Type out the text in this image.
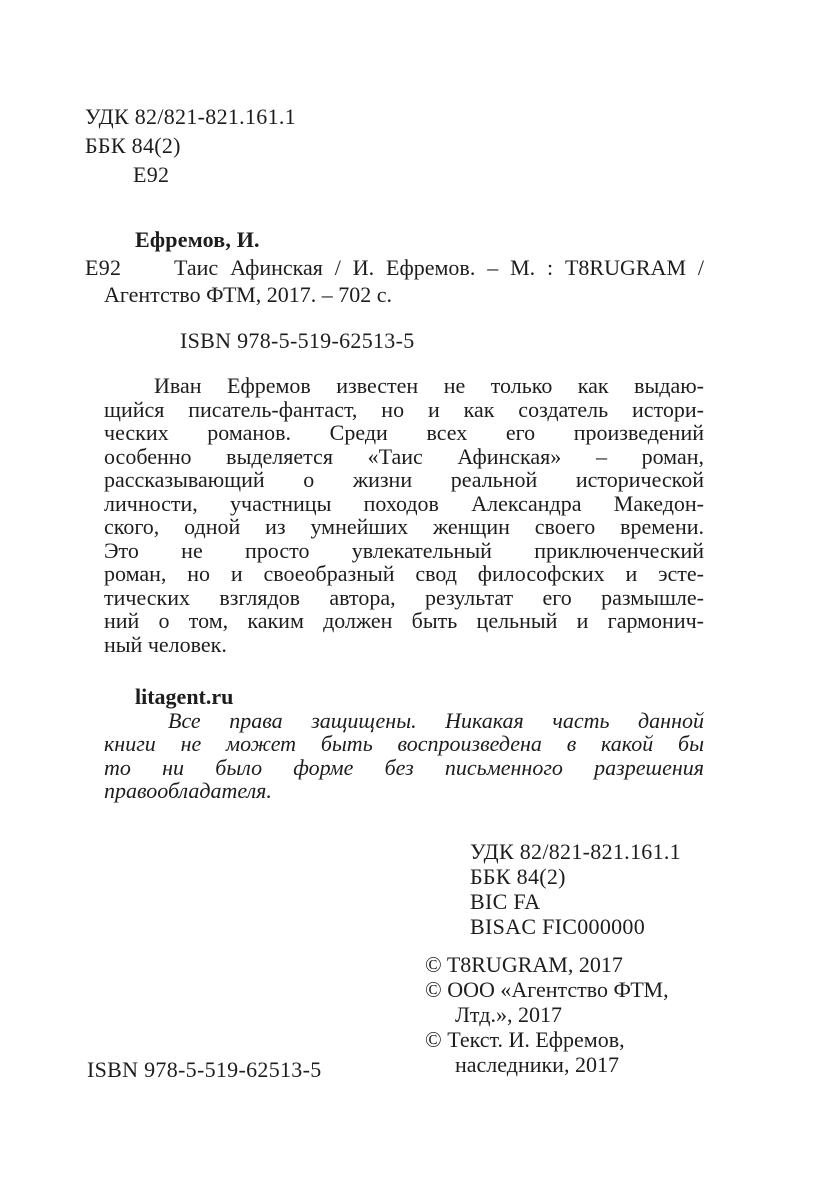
УДК 82/821-821.161.1
ББК 84(2)
Е92
Ефремов, И.
Е92	Таис Афинская / И. Ефремов. – М. : T8RUGRAM /
Агентство ФТМ, 2017. – 702 с.
ISBN 978-5-519-62513-5
Иван Ефремов известен не только как выдаю-
щийся писатель-фантаст, но и как создатель истори-
ческих романов. Среди всех его произведений
особенно выделяется «Таис Афинская» – роман,
рассказывающий о жизни реальной исторической
личности, участницы походов Александра Македон-
ского, одной из умнейших женщин своего времени.
Это не просто увлекательный приключенческий
роман, но и своеобразный свод философских и эсте-
тических взглядов автора, результат его размышле-
ний о том, каким должен быть цельный и гармонич-
ный человек.
litagent.ru
Все права защищены. Никакая часть данной
книги не может быть воспроизведена в какой бы
то ни было форме без письменного разрешения
правообладателя.
УДК 82/821-821.161.1
ББК 84(2)
BIC FA
BISAC FIC000000
© T8RUGRAM, 2017
© ООО «Агентство ФТМ,
Лтд.», 2017
© Текст. И. Ефремов,
наследники, 2017
ISBN 978-5-519-62513-5
